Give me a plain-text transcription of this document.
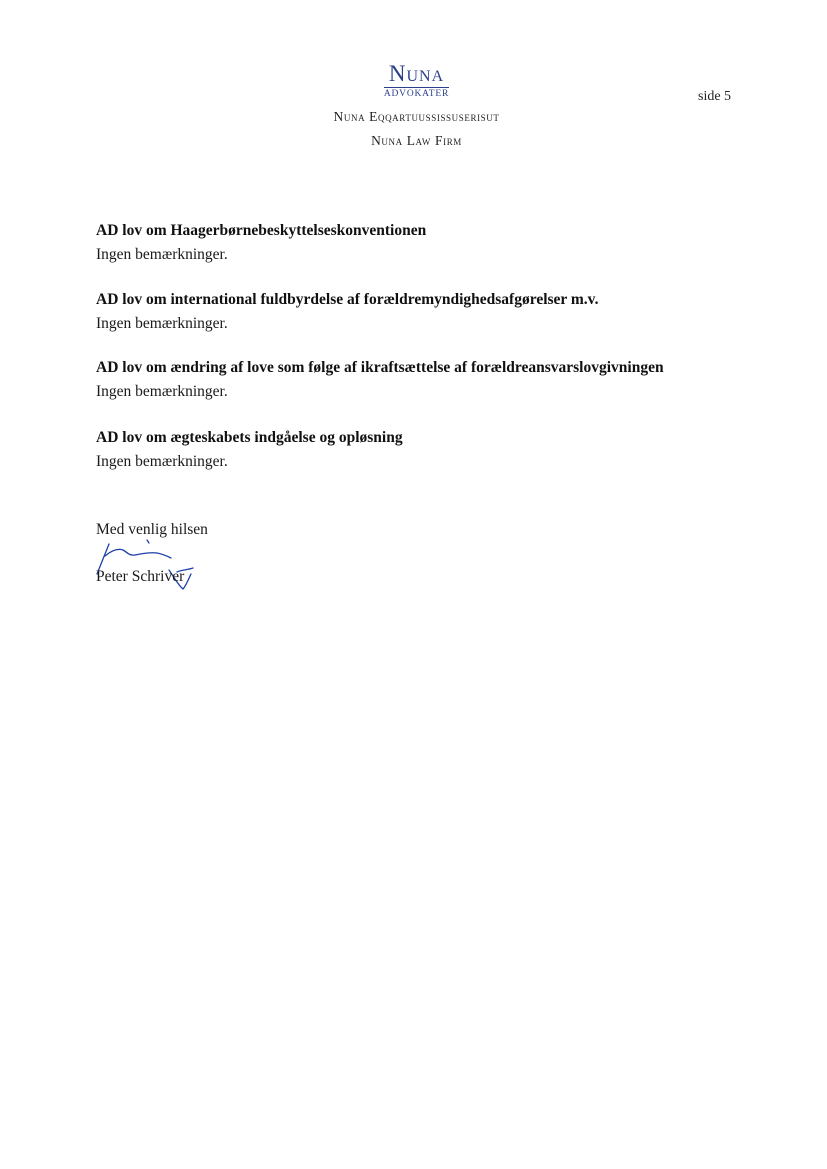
Nuna
ADVOKATER
Nuna Eqqartuussissuserisut
Nuna Law Firm
side 5
AD lov om Haagerbørnebeskyttelseskonventionen
Ingen bemærkninger.
AD lov om international fuldbyrdelse af forældremyndighedsafgørelser m.v.
Ingen bemærkninger.
AD lov om ændring af love som følge af ikraftsættelse af forældreansvarslovgivningen
Ingen bemærkninger.
AD lov om ægteskabets indgåelse og opløsning
Ingen bemærkninger.
Med venlig hilsen
Peter Schriver
